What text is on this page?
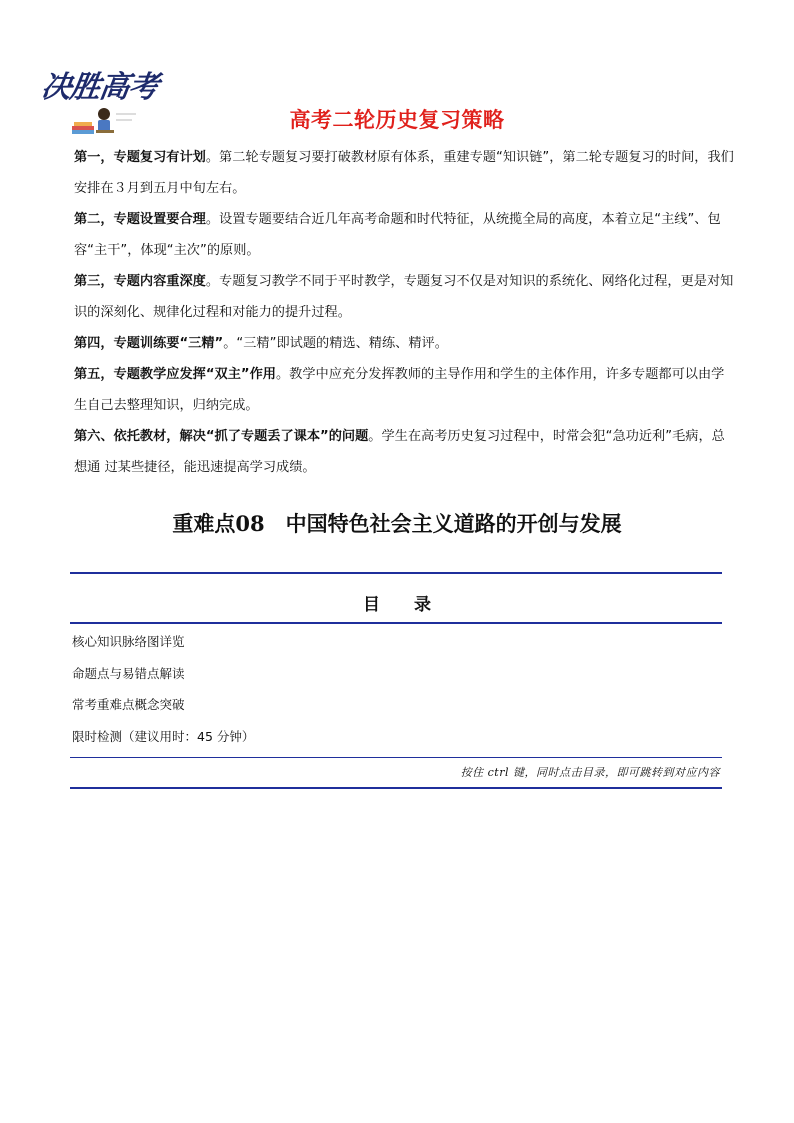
决胜高考
高考二轮历史复习策略

第一，专题复习有计划。第二轮专题复习要打破教材原有体系，重建专题“知识链”，第二轮专题复习的时间，我们安排在３月到五月中旬左右。

第二，专题设置要合理。设置专题要结合近几年高考命题和时代特征，从统揽全局的高度，本着立足“主线”、包容“主干”，体现“主次”的原则。

第三，专题内容重深度。专题复习教学不同于平时教学，专题复习不仅是对知识的系统化、网络化过程，更是对知识的深刻化、规律化过程和对能力的提升过程。

第四，专题训练要“三精”。“三精”即试题的精选、精练、精评。

第五，专题教学应发挥“双主”作用。教学中应充分发挥教师的主导作用和学生的主体作用，许多专题都可以由学生自己去整理知识，归纳完成。

第六、依托教材，解决“抓了专题丢了课本”的问题。学生在高考历史复习过程中，时常会犯“急功近利”毛病，总想通 过某些捷径，能迅速提高学习成绩。

重难点08　中国特色社会主义道路的开创与发展
目　　录
核心知识脉络图详览
命题点与易错点解读
常考重难点概念突破
限时检测（建议用时：45 分钟）
按住 ctrl 键，同时点击目录，即可跳转到对应内容
